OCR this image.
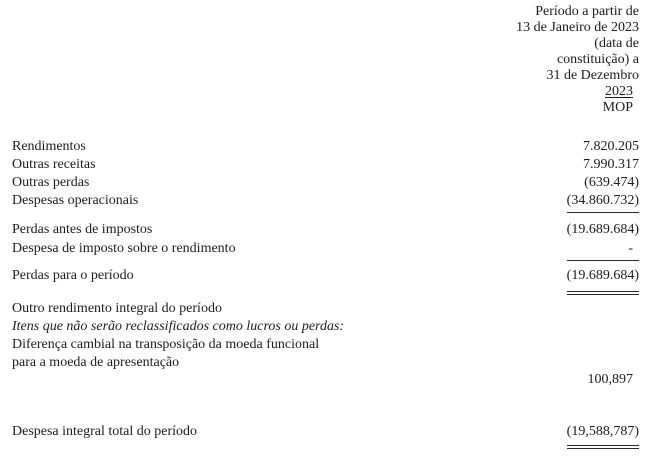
Período a partir de
13 de Janeiro de 2023
(data de
constituição) a
31 de Dezembro
2023
MOP
Rendimentos	7.820.205
Outras receitas	7.990.317
Outras perdas	(639.474)
Despesas operacionais	(34.860.732)
Perdas antes de impostos	(19.689.684)
Despesa de imposto sobre o rendimento	-
Perdas para o período	(19.689.684)
Outro rendimento integral do período
Itens que não serão reclassificados como lucros ou perdas:
Diferença cambial na transposição da moeda funcional
para a moeda de apresentação
100,897
Despesa integral total do período	(19,588,787)
